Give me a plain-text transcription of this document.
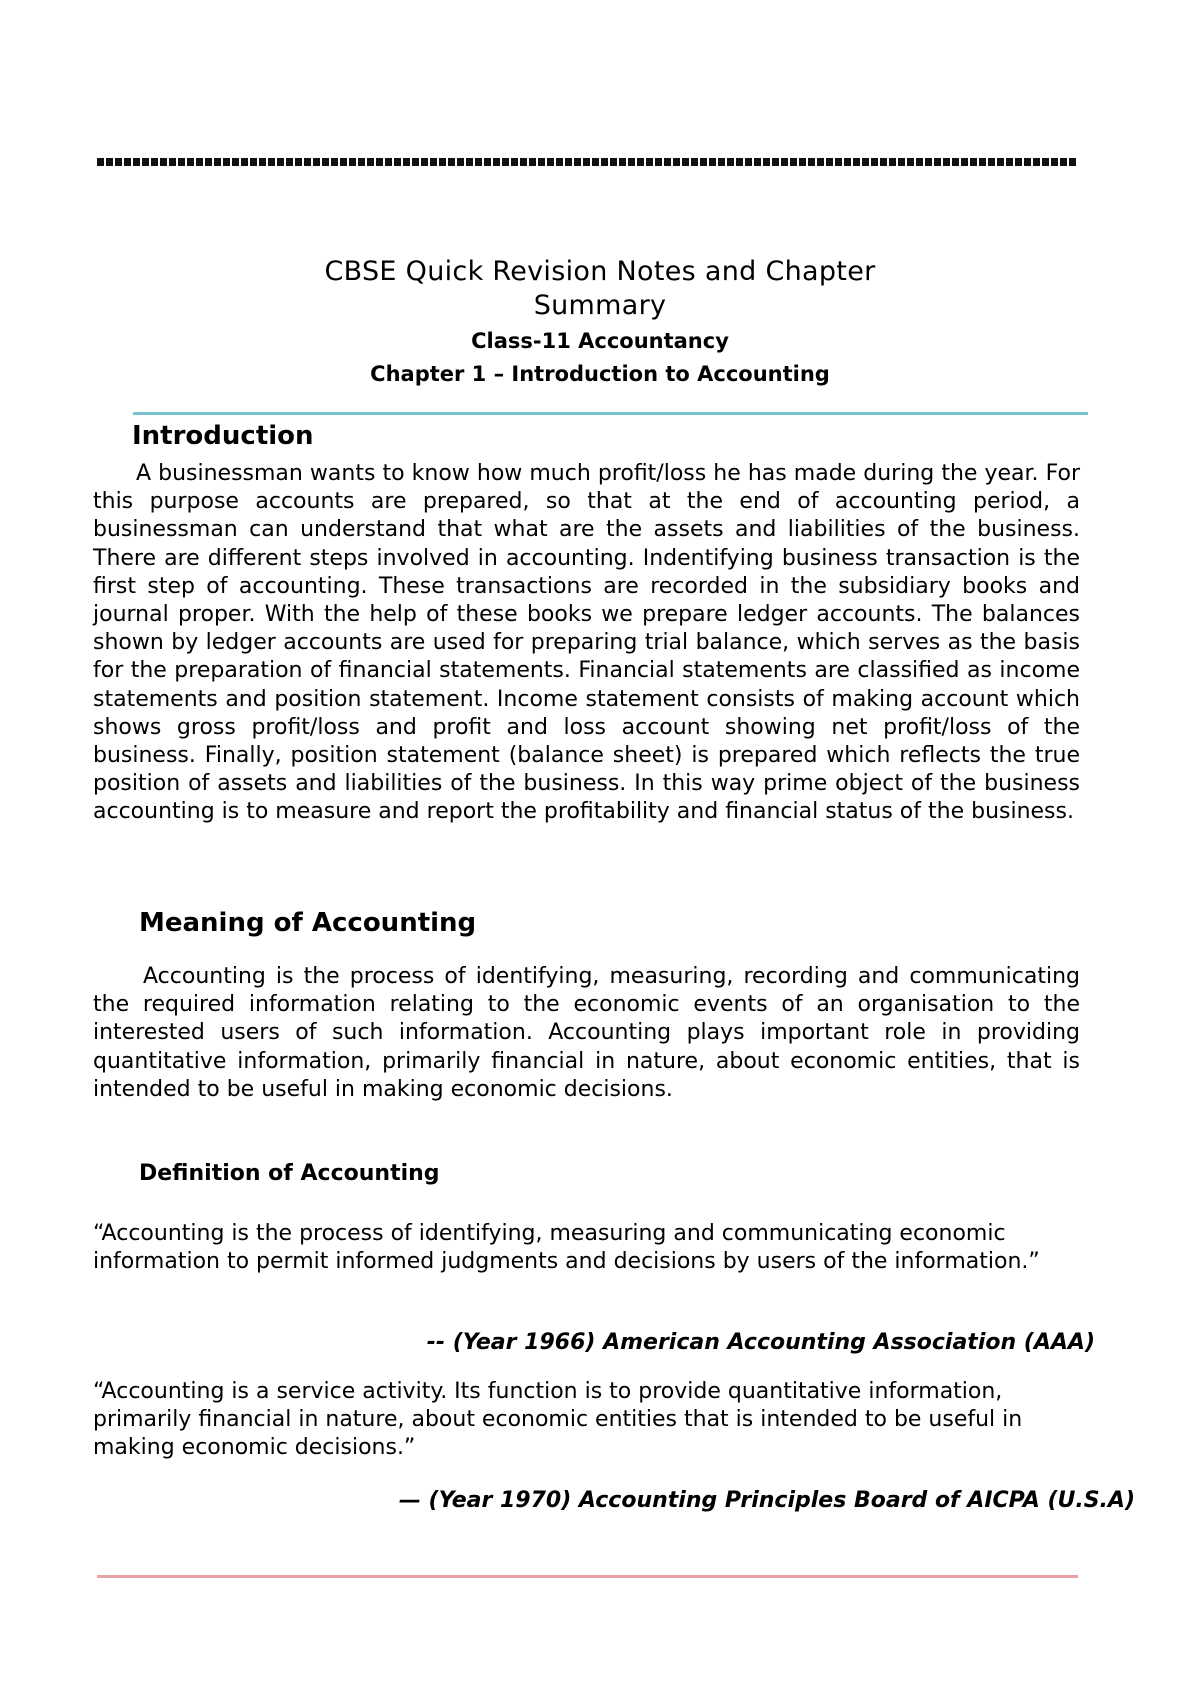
CBSE Quick Revision Notes and Chapter

Summary

Class-11 Accountancy

Chapter 1 – Introduction to Accounting

Introduction

A businessman wants to know how much profit/loss he has made during the year. For this purpose accounts are prepared, so that at the end of accounting period, a businessman can understand that what are the assets and liabilities of the business. There are different steps involved in accounting. Indentifying business transaction is the first step of accounting. These transactions are recorded in the subsidiary books and journal proper. With the help of these books we prepare ledger accounts. The balances shown by ledger accounts are used for preparing trial balance, which serves as the basis for the preparation of financial statements. Financial statements are classified as income statements and position statement. Income statement consists of making account which shows gross profit/loss and profit and loss account showing net profit/loss of the business. Finally, position statement (balance sheet) is prepared which reflects the true position of assets and liabilities of the business. In this way prime object of the business accounting is to measure and report the profitability and financial status of the business.

Meaning of Accounting

Accounting is the process of identifying, measuring, recording and communicating the required information relating to the economic events of an organisation to the interested users of such information. Accounting plays important role in providing quantitative information, primarily financial in nature, about economic entities, that is intended to be useful in making economic decisions.

Definition of Accounting

“Accounting is the process of identifying, measuring and communicating economic information to permit informed judgments and decisions by users of the information.”

-- (Year 1966) American Accounting Association (AAA)

“Accounting is a service activity. Its function is to provide quantitative information, primarily financial in nature, about economic entities that is intended to be useful in making economic decisions.”

— (Year 1970) Accounting Principles Board of AICPA (U.S.A)
